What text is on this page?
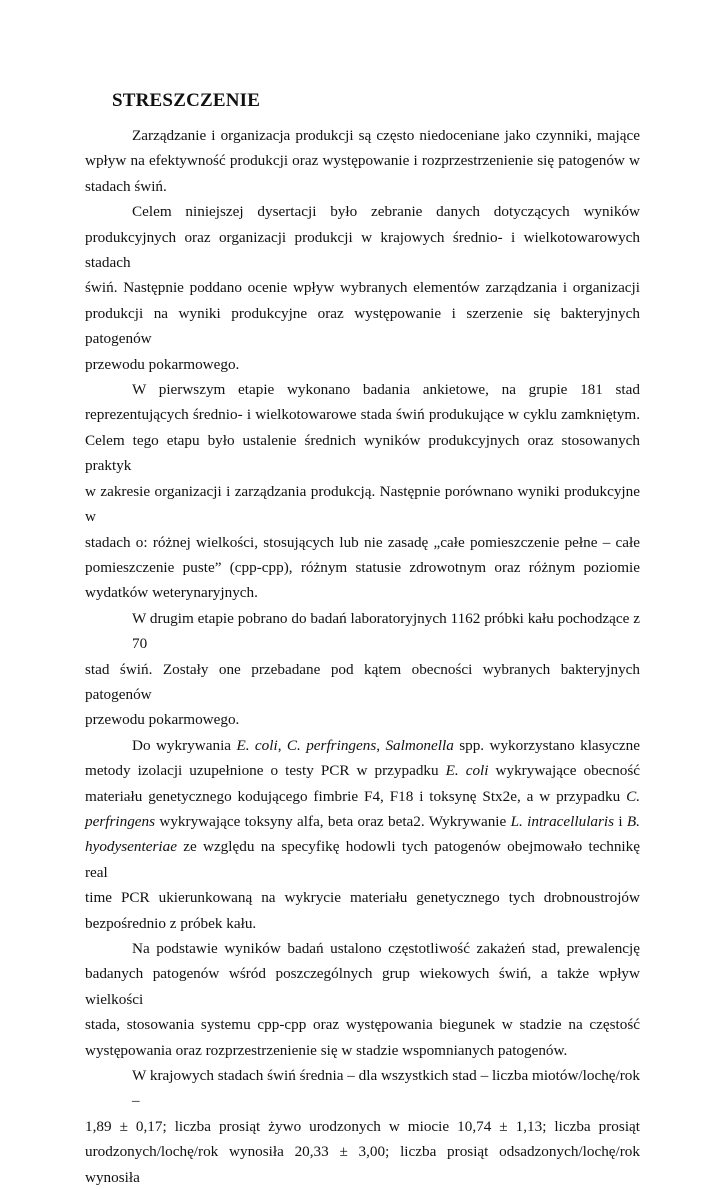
STRESZCZENIE
Zarządzanie i organizacja produkcji są często niedoceniane jako czynniki, mające
wpływ na efektywność produkcji oraz występowanie i rozprzestrzenienie się patogenów w
stadach świń.
Celem niniejszej dysertacji było zebranie danych dotyczących wyników
produkcyjnych oraz organizacji produkcji w krajowych średnio- i wielkotowarowych stadach
świń. Następnie poddano ocenie wpływ wybranych elementów zarządzania i organizacji
produkcji na wyniki produkcyjne oraz występowanie i szerzenie się bakteryjnych patogenów
przewodu pokarmowego.
W pierwszym etapie wykonano badania ankietowe, na grupie 181 stad
reprezentujących średnio- i wielkotowarowe stada świń produkujące w cyklu zamkniętym.
Celem tego etapu było ustalenie średnich wyników produkcyjnych oraz stosowanych praktyk
w zakresie organizacji i zarządzania produkcją. Następnie porównano wyniki produkcyjne w
stadach o: różnej wielkości, stosujących lub nie zasadę „całe pomieszczenie pełne – całe
pomieszczenie puste” (cpp-cpp), różnym statusie zdrowotnym oraz różnym poziomie
wydatków weterynaryjnych.
W drugim etapie pobrano do badań laboratoryjnych 1162 próbki kału pochodzące z 70
stad świń. Zostały one przebadane pod kątem obecności wybranych bakteryjnych patogenów
przewodu pokarmowego.
Do wykrywania E. coli, C. perfringens, Salmonella spp. wykorzystano klasyczne
metody izolacji uzupełnione o testy PCR w przypadku E. coli wykrywające obecność
materiału genetycznego kodującego fimbrie F4, F18 i toksynę Stx2e, a w przypadku C.
perfringens wykrywające toksyny alfa, beta oraz beta2. Wykrywanie L. intracellularis i B.
hyodysenteriae ze względu na specyfikę hodowli tych patogenów obejmowało technikę real
time PCR ukierunkowaną na wykrycie materiału genetycznego tych drobnoustrojów
bezpośrednio z próbek kału.
Na podstawie wyników badań ustalono częstotliwość zakażeń stad, prewalencję
badanych patogenów wśród poszczególnych grup wiekowych świń, a także wpływ wielkości
stada, stosowania systemu cpp-cpp oraz występowania biegunek w stadzie na częstość
występowania oraz rozprzestrzenienie się w stadzie wspomnianych patogenów.
W krajowych stadach świń średnia – dla wszystkich stad – liczba miotów/lochę/rok –
1,89 ± 0,17; liczba prosiąt żywo urodzonych w miocie 10,74 ± 1,13; liczba prosiąt
urodzonych/lochę/rok wynosiła 20,33 ± 3,00; liczba prosiąt odsadzonych/lochę/rok wynosiła
